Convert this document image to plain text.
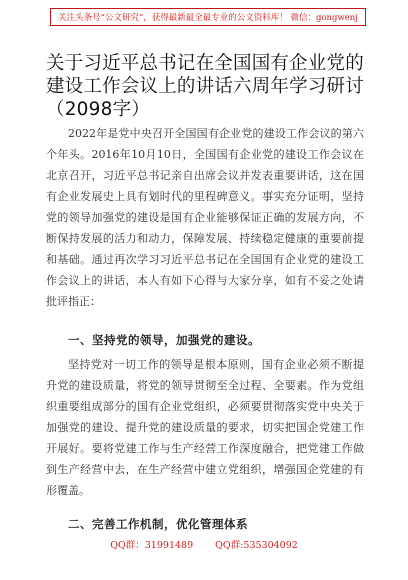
关注头条号“公文研究”，获得最新最全最专业的公文资料库！ 微信：gongwenj
关于习近平总书记在全国国有企业党的建设工作会议上的讲话六周年学习研讨（2098字）

2022年是党中央召开全国国有企业党的建设工作会议的第六个年头。2016年10月10日，全国国有企业党的建设工作会议在北京召开，习近平总书记亲自出席会议并发表重要讲话，这在国有企业发展史上具有划时代的里程碑意义。事实充分证明，坚持党的领导加强党的建设是国有企业能够保证正确的发展方向，不断保持发展的活力和动力，保障发展、持续稳定健康的重要前提和基础。通过再次学习习近平总书记在全国国有企业党的建设工作会议上的讲话，本人有如下心得与大家分享，如有不妥之处请批评指正：

一、坚持党的领导，加强党的建设。

坚持党对一切工作的领导是根本原则，国有企业必须不断提升党的建设质量，将党的领导贯彻至全过程、全要素。作为党组织重要组成部分的国有企业党组织，必须要贯彻落实党中央关于加强党的建设、提升党的建设质量的要求，切实把国企党建工作开展好。要将党建工作与生产经营工作深度融合，把党建工作做到生产经营中去，在生产经营中建立党组织，增强国企党建的有形覆盖。

二、完善工作机制，优化管理体系
QQ群：31991489 QQ群:535304092
